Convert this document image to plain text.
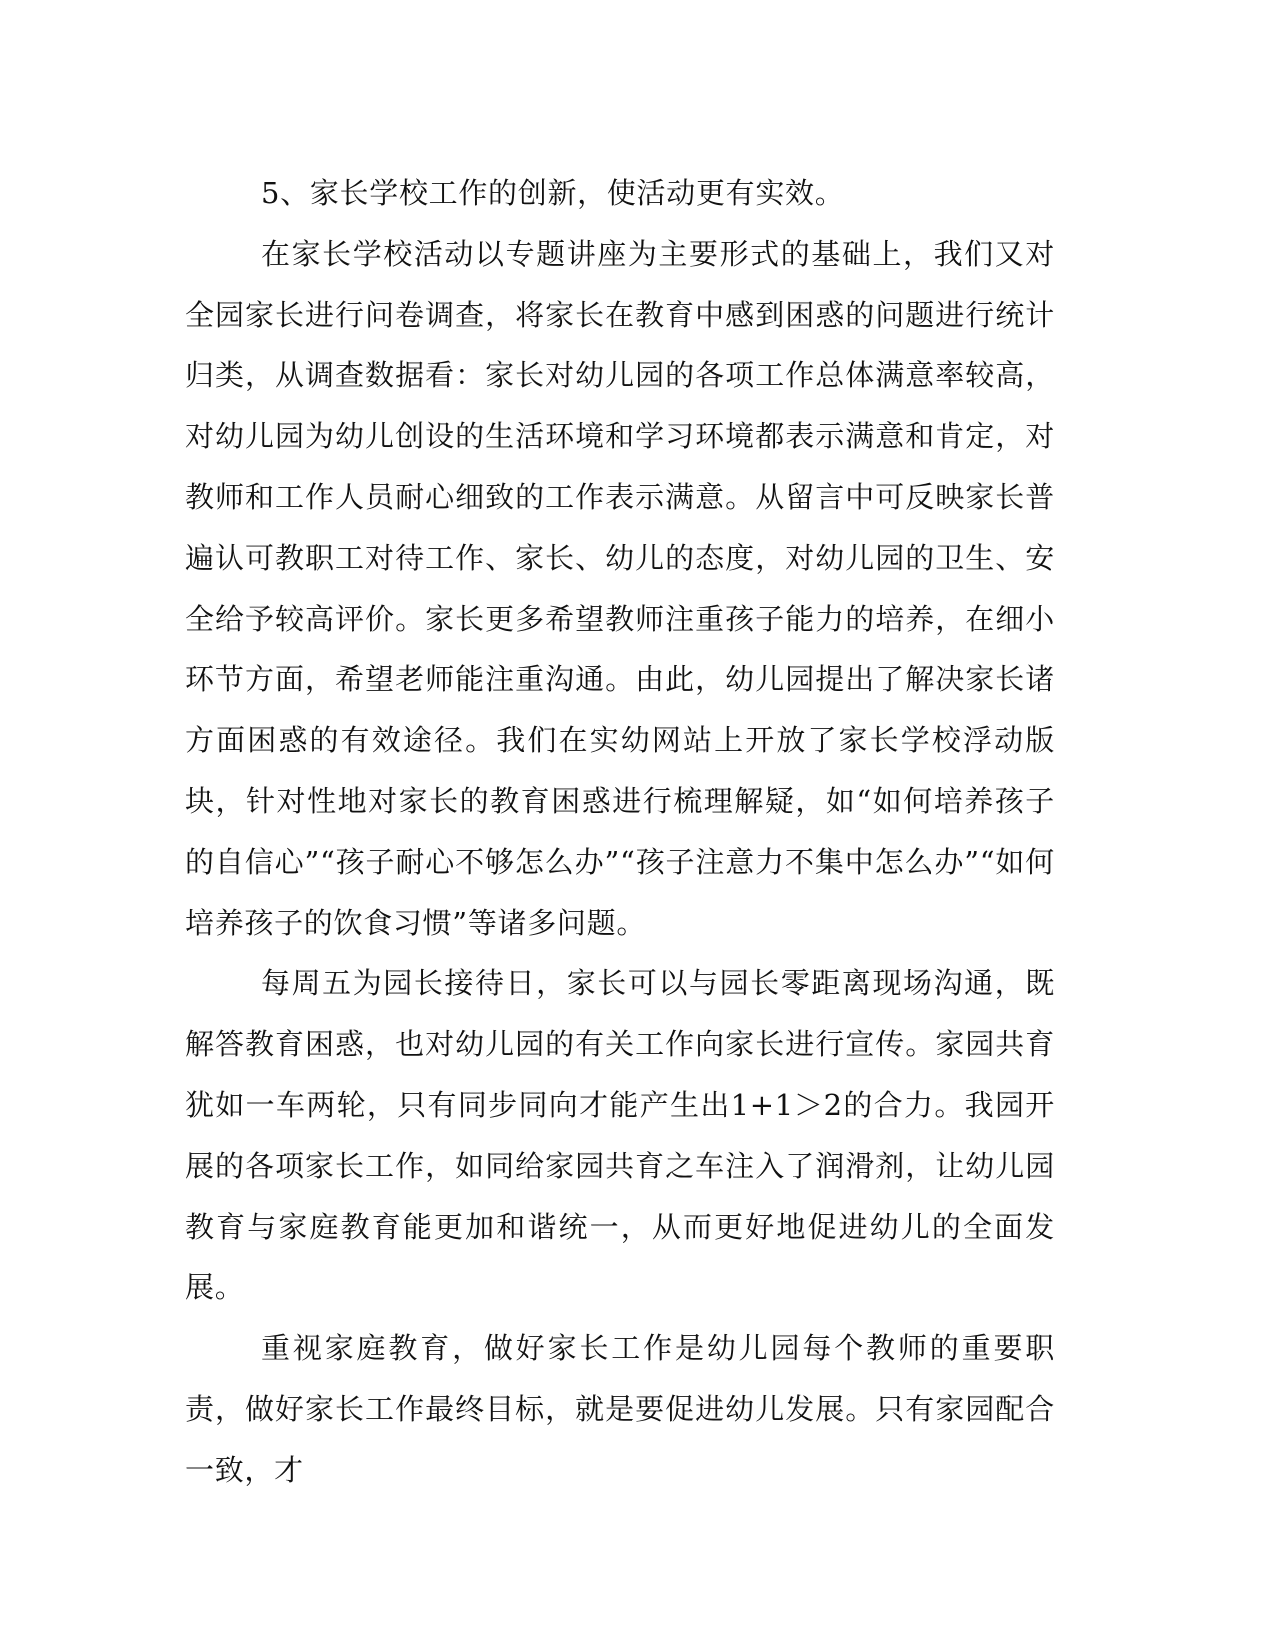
5、家长学校工作的创新，使活动更有实效。

在家长学校活动以专题讲座为主要形式的基础上，我们又对全园家长进行问卷调查，将家长在教育中感到困惑的问题进行统计归类，从调查数据看：家长对幼儿园的各项工作总体满意率较高，对幼儿园为幼儿创设的生活环境和学习环境都表示满意和肯定，对教师和工作人员耐心细致的工作表示满意。从留言中可反映家长普遍认可教职工对待工作、家长、幼儿的态度，对幼儿园的卫生、安全给予较高评价。家长更多希望教师注重孩子能力的培养，在细小环节方面，希望老师能注重沟通。由此，幼儿园提出了解决家长诸方面困惑的有效途径。我们在实幼网站上开放了家长学校浮动版块，针对性地对家长的教育困惑进行梳理解疑，如“如何培养孩子的自信心”“孩子耐心不够怎么办”“孩子注意力不集中怎么办”“如何培养孩子的饮食习惯”等诸多问题。

每周五为园长接待日，家长可以与园长零距离现场沟通，既解答教育困惑，也对幼儿园的有关工作向家长进行宣传。家园共育犹如一车两轮，只有同步同向才能产生出1+1＞2的合力。我园开展的各项家长工作，如同给家园共育之车注入了润滑剂，让幼儿园教育与家庭教育能更加和谐统一，从而更好地促进幼儿的全面发展。

重视家庭教育，做好家长工作是幼儿园每个教师的重要职责，做好家长工作最终目标，就是要促进幼儿发展。只有家园配合一致，才
